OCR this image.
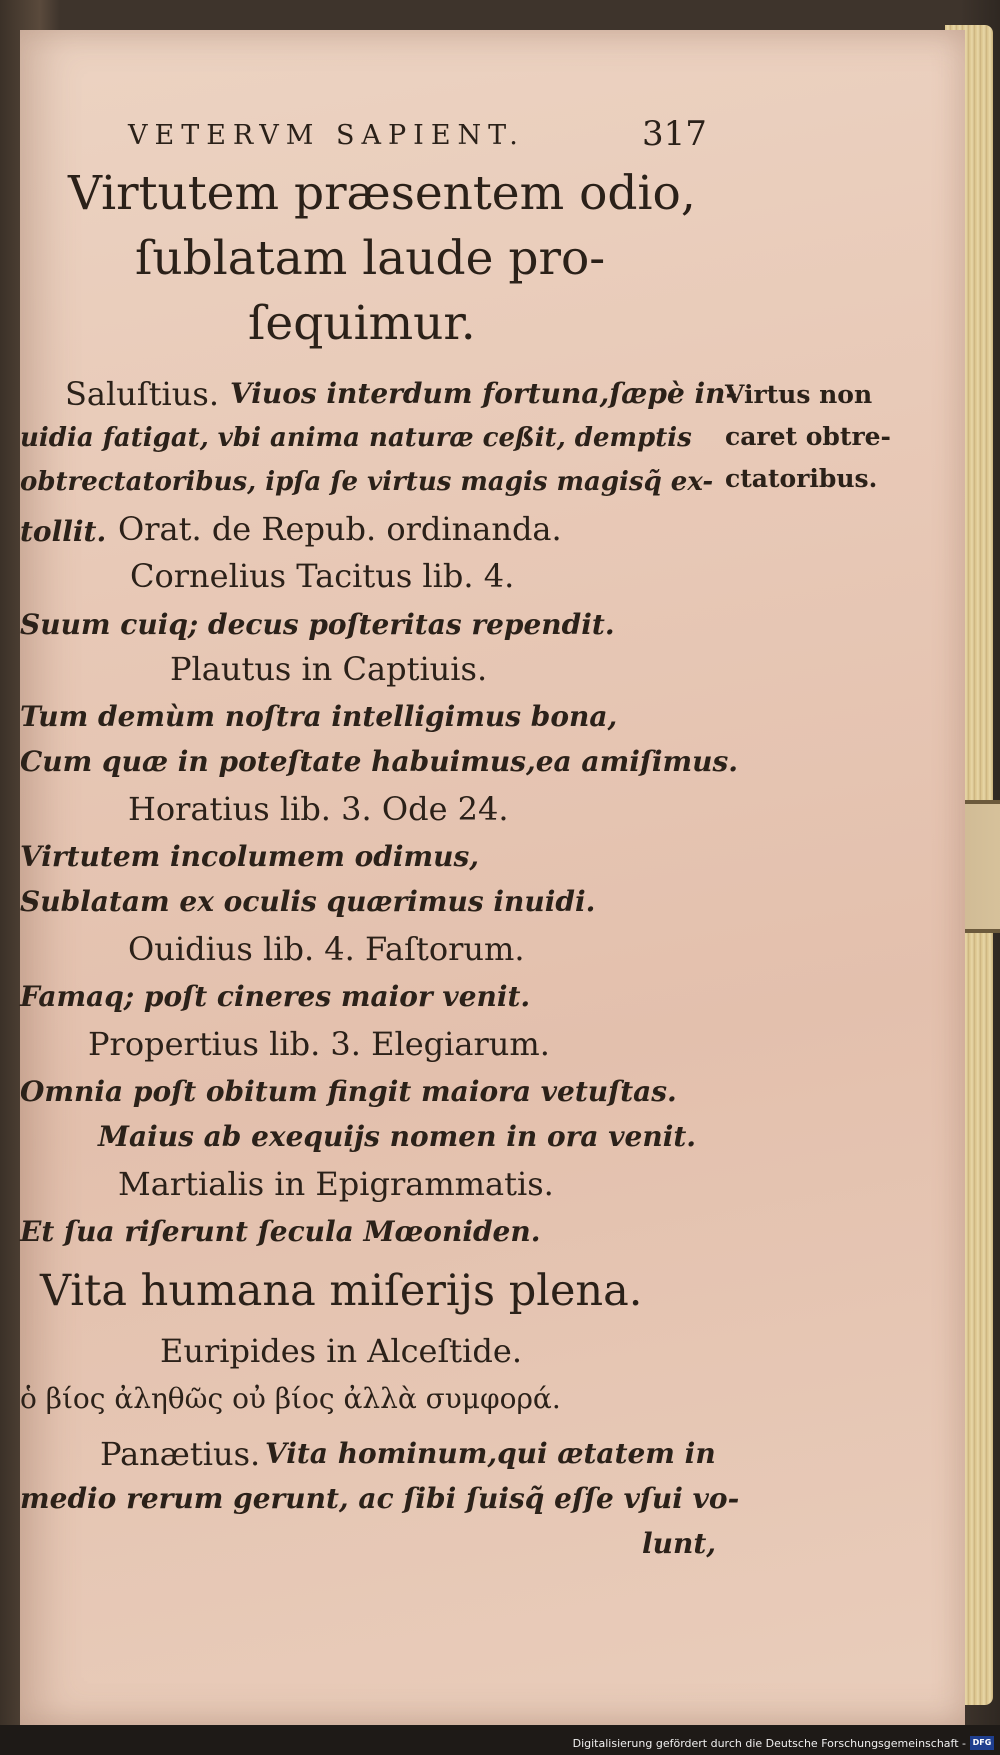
VETERVM SAPIENT.	317
Virtutem præsentem odio,
ſublatam laude pro-
ſequimur.
Saluſtius. Viuos interdum fortuna,ſæpè in-
uidia fatigat, vbi anima naturæ ceßit, demptis
obtrectatoribus, ipſa ſe virtus magis magisq̃ ex-
tollit. Orat. de Repub. ordinanda.
Cornelius Tacitus lib. 4.
Suum cuiq; decus poſteritas rependit.
Plautus in Captiuis.
Tum demùm noſtra intelligimus bona,
Cum quæ in poteſtate habuimus,ea amiſimus.
Horatius lib. 3. Ode 24.
Virtutem incolumem odimus,
Sublatam ex oculis quærimus inuidi.
Ouidius lib. 4. Faſtorum.
Famaq; poſt cineres maior venit.
Propertius lib. 3. Elegiarum.
Omnia poſt obitum fingit maiora vetuſtas.
Maius ab exequijs nomen in ora venit.
Martialis in Epigrammatis.
Et ſua riſerunt ſecula Mœoniden.
Vita humana miſerijs plena.
Euripides in Alceſtide.
ὁ βίος ἀληθῶς οὐ βίος ἀλλὰ συμφορά.
Panætius. Vita hominum,qui ætatem in
medio rerum gerunt, ac ſibi ſuisq̃ eſſe vſui vo-
lunt,
Virtus non
caret obtre-
ctatoribus.
Digitalisierung gefördert durch die Deutsche Forschungsgemeinschaft - DFG
